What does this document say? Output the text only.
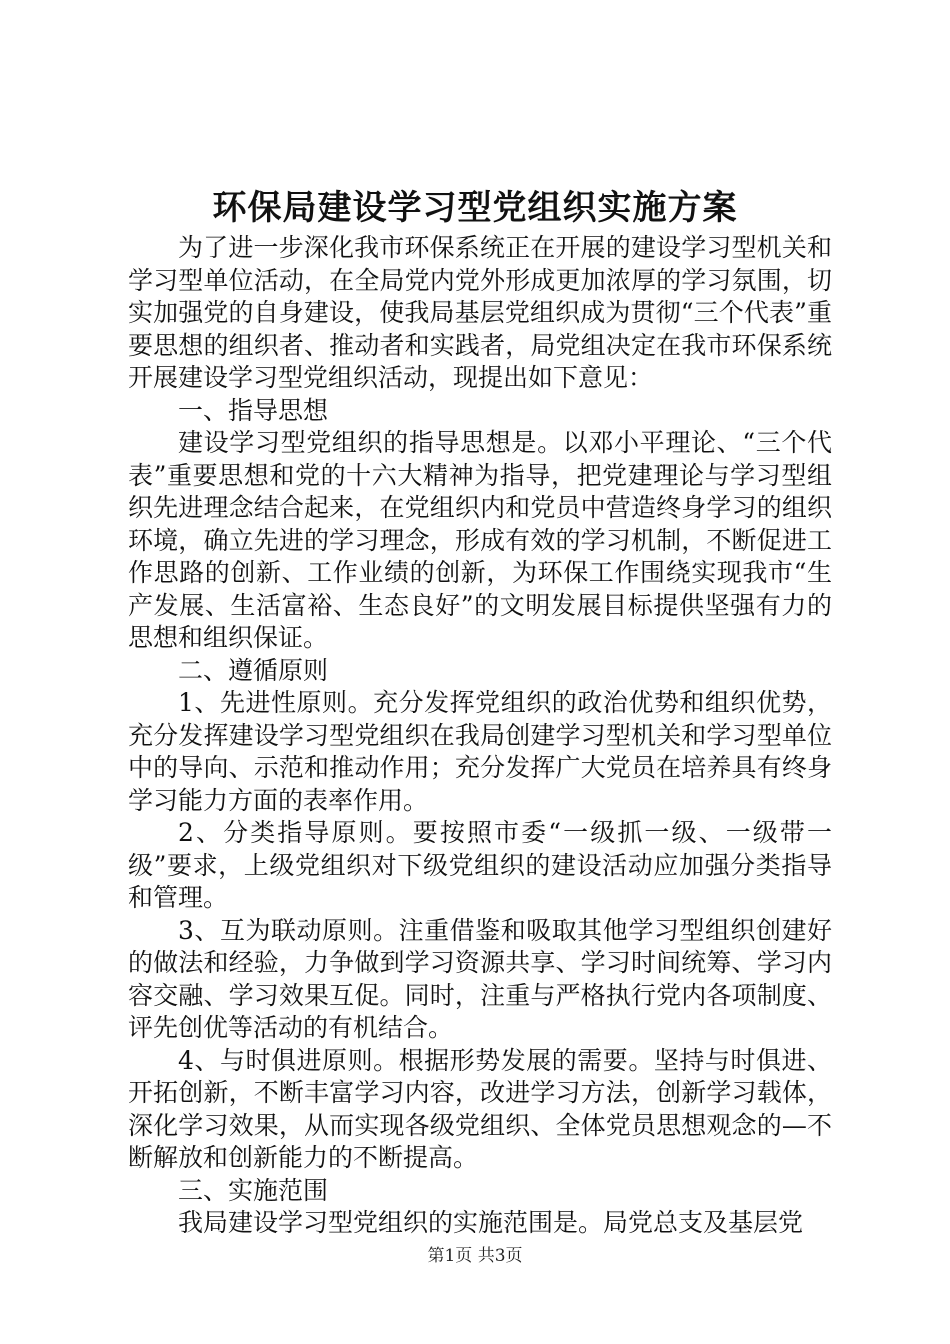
环保局建设学习型党组织实施方案

为了进一步深化我市环保系统正在开展的建设学习型机关和学习型单位活动，在全局党内党外形成更加浓厚的学习氛围，切实加强党的自身建设，使我局基层党组织成为贯彻“三个代表”重要思想的组织者、推动者和实践者，局党组决定在我市环保系统开展建设学习型党组织活动，现提出如下意见：

一、指导思想

建设学习型党组织的指导思想是。以邓小平理论、“三个代表”重要思想和党的十六大精神为指导，把党建理论与学习型组织先进理念结合起来，在党组织内和党员中营造终身学习的组织环境，确立先进的学习理念，形成有效的学习机制，不断促进工作思路的创新、工作业绩的创新，为环保工作围绕实现我市“生产发展、生活富裕、生态良好”的文明发展目标提供坚强有力的思想和组织保证。

二、遵循原则

1、先进性原则。充分发挥党组织的政治优势和组织优势，充分发挥建设学习型党组织在我局创建学习型机关和学习型单位中的导向、示范和推动作用；充分发挥广大党员在培养具有终身学习能力方面的表率作用。

2、分类指导原则。要按照市委“一级抓一级、一级带一级”要求，上级党组织对下级党组织的建设活动应加强分类指导和管理。

3、互为联动原则。注重借鉴和吸取其他学习型组织创建好的做法和经验，力争做到学习资源共享、学习时间统筹、学习内容交融、学习效果互促。同时，注重与严格执行党内各项制度、评先创优等活动的有机结合。

4、与时俱进原则。根据形势发展的需要。坚持与时俱进、开拓创新，不断丰富学习内容，改进学习方法，创新学习载体，深化学习效果，从而实现各级党组织、全体党员思想观念的—不断解放和创新能力的不断提高。

三、实施范围

我局建设学习型党组织的实施范围是。局党总支及基层党

第1页 共3页
